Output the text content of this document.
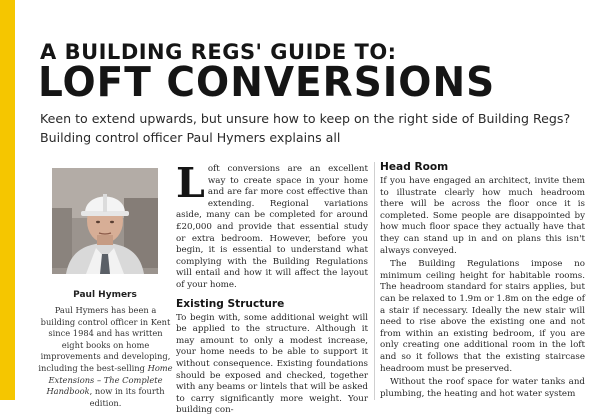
A BUILDING REGS' GUIDE TO:
LOFT CONVERSIONS
Keen to extend upwards, but unsure how to keep on the right side of Building Regs?
Building control officer Paul Hymers explains all
Paul Hymers
Paul Hymers has been a building control officer in Kent since 1984 and has written eight books on home improvements and developing, including the best-selling Home Extensions – The Complete Handbook, now in its fourth edition.

Loft conversions are an excellent way to create space in your home and are far more cost effective than extending. Regional variations aside, many can be completed for around £20,000 and provide that essential study or extra bedroom. However, before you begin, it is essential to understand what complying with the Building Regulations will entail and how it will affect the layout of your home.

Existing Structure

To begin with, some additional weight will be applied to the structure. Although it may amount to only a modest increase, your home needs to be able to support it without consequence. Existing foundations should be exposed and checked, together with any beams or lintels that will be asked to carry significantly more weight. Your building con-

Head Room

If you have engaged an architect, invite them to illustrate clearly how much headroom there will be across the floor once it is completed. Some people are disappointed by how much floor space they actually have that they can stand up in and on plans this isn't always conveyed.

The Building Regulations impose no minimum ceiling height for habitable rooms. The headroom standard for stairs applies, but can be relaxed to 1.9m or 1.8m on the edge of a stair if necessary. Ideally the new stair will need to rise above the existing one and not from within an existing bedroom, if you are only creating one additional room in the loft and so it follows that the existing staircase headroom must be preserved.

Without the roof space for water tanks and plumbing, the heating and hot water system
